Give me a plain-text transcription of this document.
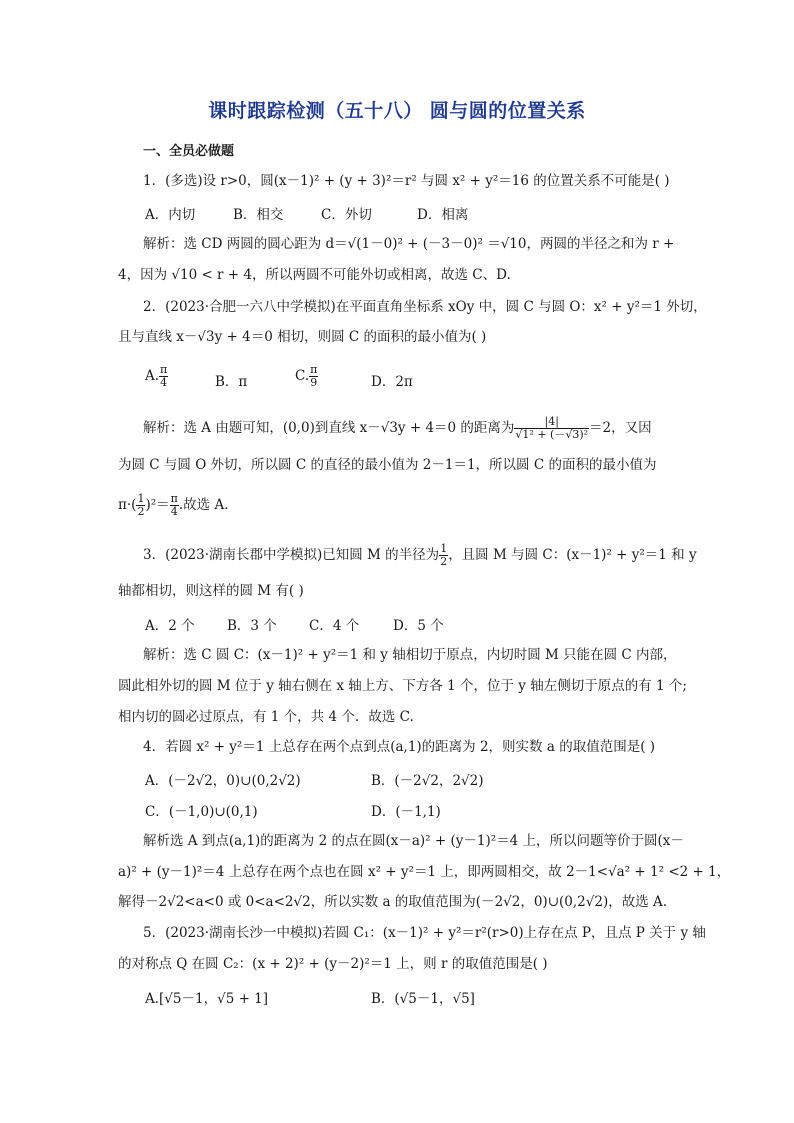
课时跟踪检测（五十八） 圆与圆的位置关系
一、全员必做题
1．(多选)设 r>0，圆(x－1)² + (y + 3)²＝r² 与圆 x² + y²＝16 的位置关系不可能是( )
A．内切	B．相交	C．外切	D．相离
解析：选 CD 两圆的圆心距为 d＝√(1－0)² + (－3－0)² ＝√10，两圆的半径之和为 r +
4，因为 √10 < r + 4，所以两圆不可能外切或相离，故选 C、D.
2．(2023·合肥一六八中学模拟)在平面直角坐标系 xOy 中，圆 C 与圆 O：x² + y²＝1 外切，
且与直线 x－√3y + 4＝0 相切，则圆 C 的面积的最小值为( )
A. $\frac{\pi}{4}$	B．π	C. $\frac{\pi}{9}$	D．2π
解析：选 A 由题可知，(0,0)到直线 x－√3y + 4＝0 的距离为 $\frac{|4|}{\text{√1² + (－√3)²}} =2$，又因
为圆 C 与圆 O 外切，所以圆 C 的直径的最小值为 2－1＝1，所以圆 C 的面积的最小值为
$\pi\cdot( \frac{1}{2} )^2= \frac{\pi}{4}$ .故选 A.
3．(2023·湖南长郡中学模拟)已知圆 M 的半径为 $\frac{1}{2}$ ，且圆 M 与圆 C：(x－1)² + y²＝1 和 y
轴都相切，则这样的圆 M 有( )
A．2 个 B．3 个 C．4 个	D．5 个
解析：选 C 圆 C：(x－1)² + y²＝1 和 y 轴相切于原点，内切时圆 M 只能在圆 C 内部，
圆此相外切的圆 M 位于 y 轴右侧在 x 轴上方、下方各 1 个，位于 y 轴左侧切于原点的有 1 个;
相内切的圆必过原点，有 1 个，共 4 个．故选 C.
4．若圆 x² + y²＝1 上总存在两个点到点(a,1)的距离为 2，则实数 a 的取值范围是( )
A．(－2√2，0)∪(0,2√2)	B．(－2√2，2√2)
C．(－1,0)∪(0,1)	D．(－1,1)
解析选 A 到点(a,1)的距离为 2 的点在圆(x－a)² + (y－1)²＝4 上，所以问题等价于圆(x－
a)² + (y－1)²＝4 上总存在两个点也在圆 x² + y²＝1 上，即两圆相交，故 2－1<√a² + 1² <2 + 1，
解得－2√2<a<0 或 0<a<2√2，所以实数 a 的取值范围为(－2√2，0)∪(0,2√2)，故选 A.
5．(2023·湖南长沙一中模拟)若圆 C₁：(x－1)² + y²＝r²(r>0)上存在点 P，且点 P 关于 y 轴
的对称点 Q 在圆 C₂：(x + 2)² + (y－2)²＝1 上，则 r 的取值范围是( )
A.[√5－1，√5 + 1]	B．(√5－1，√5]
